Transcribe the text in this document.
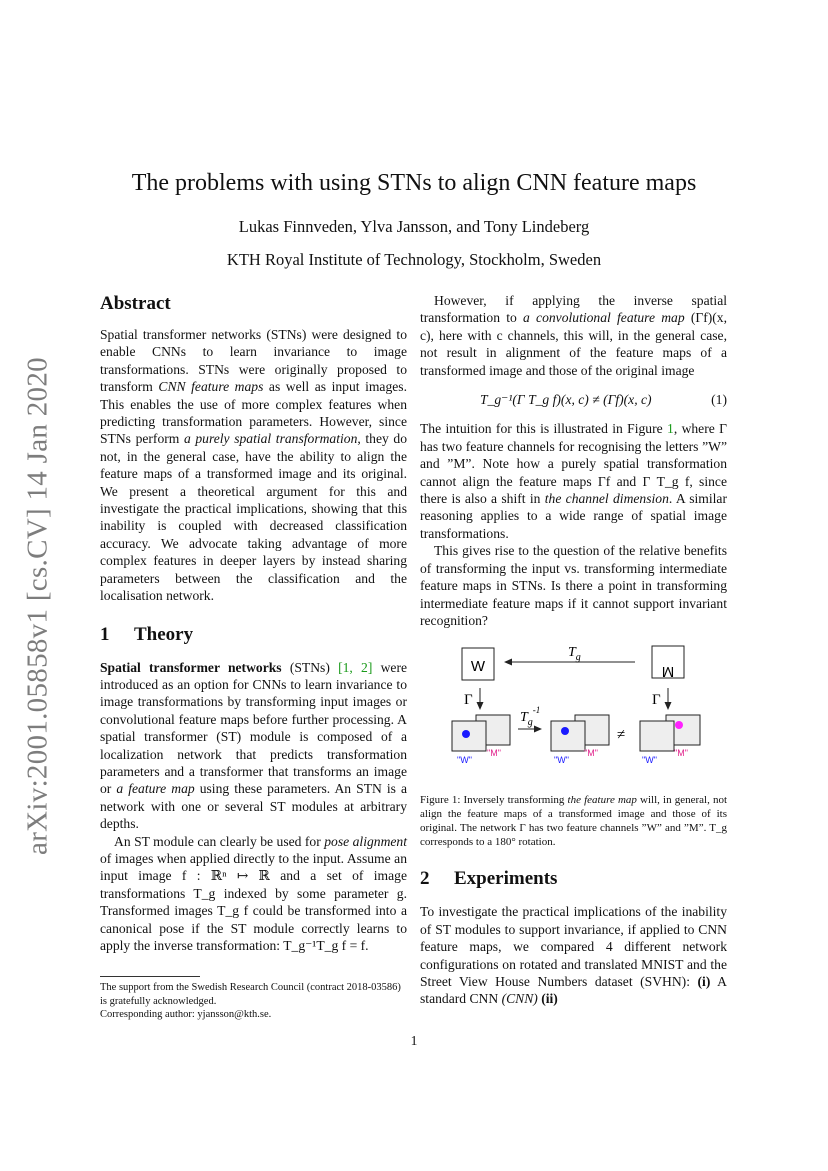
arXiv:2001.05858v1 [cs.CV] 14 Jan 2020
The problems with using STNs to align CNN feature maps
Lukas Finnveden, Ylva Jansson, and Tony Lindeberg
KTH Royal Institute of Technology, Stockholm, Sweden
Abstract

Spatial transformer networks (STNs) were designed to enable CNNs to learn invariance to image transformations. STNs were originally proposed to transform CNN feature maps as well as input images. This enables the use of more complex features when predicting transformation parameters. However, since STNs perform a purely spatial transformation, they do not, in the general case, have the ability to align the feature maps of a transformed image and its original. We present a theoretical argument for this and investigate the practical implications, showing that this inability is coupled with decreased classification accuracy. We advocate taking advantage of more complex features in deeper layers by instead sharing parameters between the classification and the localisation network.

1 Theory

Spatial transformer networks (STNs) [1, 2] were introduced as an option for CNNs to learn invariance to image transformations by transforming input images or convolutional feature maps before further processing. A spatial transformer (ST) module is composed of a localization network that predicts transformation parameters and a transformer that transforms an image or a feature map using these parameters. An STN is a network with one or several ST modules at arbitrary depths.

An ST module can clearly be used for pose alignment of images when applied directly to the input. Assume an input image f : ℝⁿ ↦ ℝ and a set of image transformations T_g indexed by some parameter g. Transformed images T_g f could be transformed into a canonical pose if the ST module correctly learns to apply the inverse transformation: T_g⁻¹T_g f = f.

The support from the Swedish Research Council (contract 2018-03586) is gratefully acknowledged.
Corresponding author: yjansson@kth.se.

However, if applying the inverse spatial transformation to a convolutional feature map (Γf)(x, c), here with c channels, this will, in the general case, not result in alignment of the feature maps of a transformed image and those of the original image

T_g⁻¹(Γ T_g f)(x, c) ≠ (Γf)(x, c)	(1)

The intuition for this is illustrated in Figure 1, where Γ has two feature channels for recognising the letters ”W” and ”M”. Note how a purely spatial transformation cannot align the feature maps Γf and Γ T_g f, since there is also a shift in the channel dimension. A similar reasoning applies to a wide range of spatial image transformations.

This gives rise to the question of the relative benefits of transforming the input vs. transforming intermediate feature maps in STNs. Is there a point in transforming intermediate feature maps if it cannot support invariant recognition?

W	M
$T_g$
Γ	Γ
"W"
"M"
$T_g^{-1}$
"W"
"M"
≠
"W"
"M"

Figure 1: Inversely transforming the feature map will, in general, not align the feature maps of a transformed image and those of its original. The network Γ has two feature channels ”W” and ”M”. T_g corresponds to a 180° rotation.

2 Experiments

To investigate the practical implications of the inability of ST modules to support invariance, if applied to CNN feature maps, we compared 4 different network configurations on rotated and translated MNIST and the Street View House Numbers dataset (SVHN): (i) A standard CNN (CNN) (ii)

1
